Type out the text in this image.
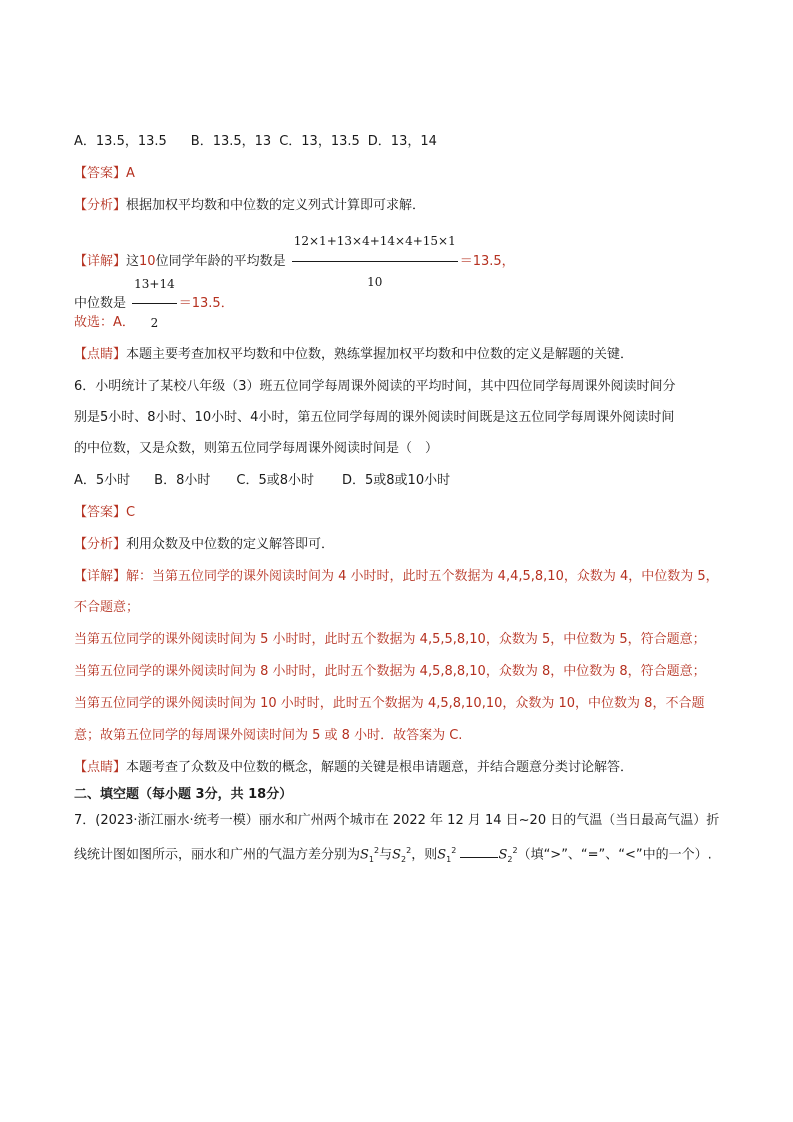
A．13.5，13.5 B．13.5，13 C．13，13.5 D．13，14
【答案】A
【分析】根据加权平均数和中位数的定义列式计算即可求解．
【详解】这10位同学年龄的平均数是 $\frac{12\times 1+13\times 4+14\times 4+15\times 1}{10} =13.5$，
中位数是 $\frac{13+14}{2} =13.5$．
故选：A．
【点睛】本题主要考查加权平均数和中位数，熟练掌握加权平均数和中位数的定义是解题的关键．
6．小明统计了某校八年级（3）班五位同学每周课外阅读的平均时间，其中四位同学每周课外阅读时间分
别是5小时、8小时、10小时、4小时，第五位同学每周的课外阅读时间既是这五位同学每周课外阅读时间
的中位数，又是众数，则第五位同学每周课外阅读时间是（　）
A．5小时 B．8小时 C．5或8小时 D．5或8或10小时
【答案】C
【分析】利用众数及中位数的定义解答即可．
【详解】解：当第五位同学的课外阅读时间为 4 小时时，此时五个数据为 4,4,5,8,10，众数为 4，中位数为 5，
不合题意；
当第五位同学的课外阅读时间为 5 小时时，此时五个数据为 4,5,5,8,10，众数为 5，中位数为 5，符合题意；
当第五位同学的课外阅读时间为 8 小时时，此时五个数据为 4,5,8,8,10，众数为 8，中位数为 8，符合题意；
当第五位同学的课外阅读时间为 10 小时时，此时五个数据为 4,5,8,10,10，众数为 10，中位数为 8，不合题
意；故第五位同学的每周课外阅读时间为 5 或 8 小时．故答案为 C.
【点睛】本题考查了众数及中位数的概念，解题的关键是根串请题意，并结合题意分类讨论解答．
二、填空题（每小题 3分，共 18分）
7．(2023·浙江丽水·统考一模）丽水和广州两个城市在 2022 年 12 月 14 日~20 日的气温（当日最高气温）折
线统计图如图所示，丽水和广州的气温方差分别为$S_1^2$与$S_2^2$，则$S_1^2$	$S_2^2$（填“>”、“=”、“<”中的一个）.
